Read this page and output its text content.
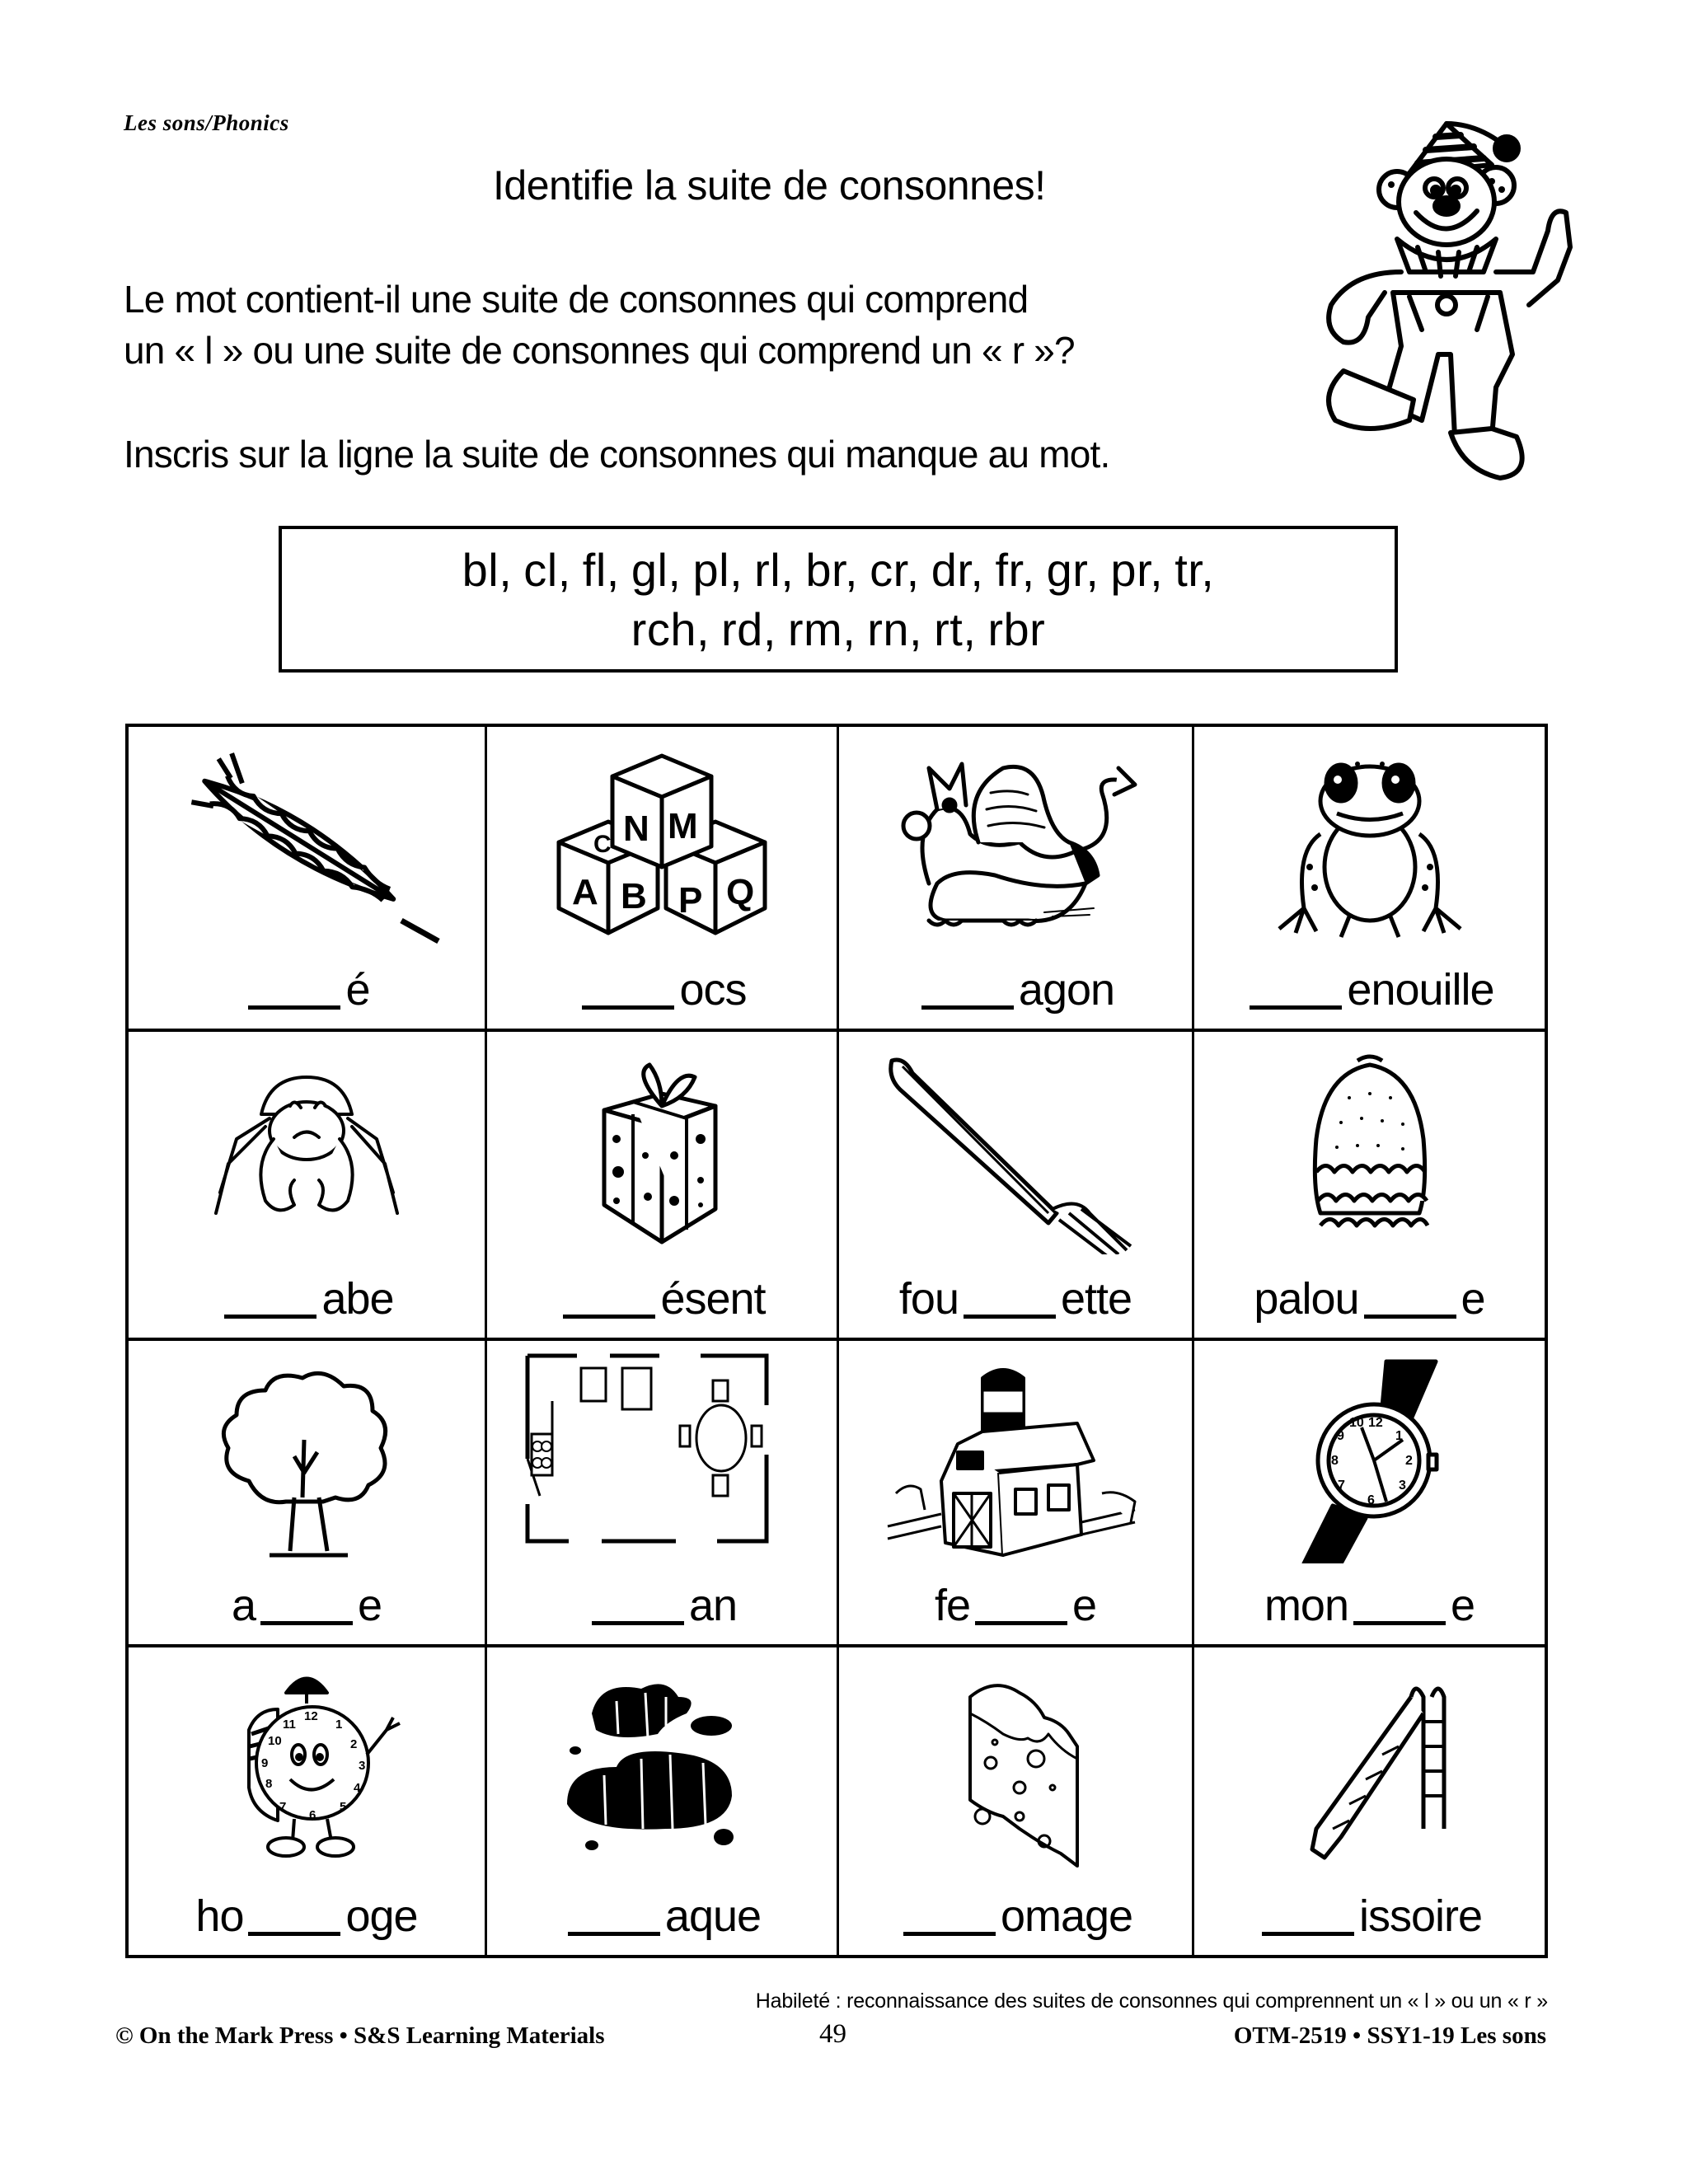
Les sons/Phonics
Identifie la suite de consonnes!
Le mot contient-il une suite de consonnes qui comprend
un « l » ou une suite de consonnes qui comprend un « r »?
Inscris sur la ligne la suite de consonnes qui manque au mot.
bl, cl, fl, gl, pl, rl, br, cr, dr, fr, gr, pr, tr,
rch, rd, rm, rn, rt, rbr
é
A B
C N M
P Q
ocs	agon	enouille
abe	ésent	fou ette	palou e
a e	an	fe e
12
1
2
3
6
7
8
9
10
mon e
12
1
2
3
4
5
6
7
8
9
10
11
ho oge	aque	omage	issoire
Habileté : reconnaissance des suites de consonnes qui comprennent un « l » ou un « r »
© On the Mark Press • S&S Learning Materials	49	OTM-2519 • SSY1-19 Les sons
